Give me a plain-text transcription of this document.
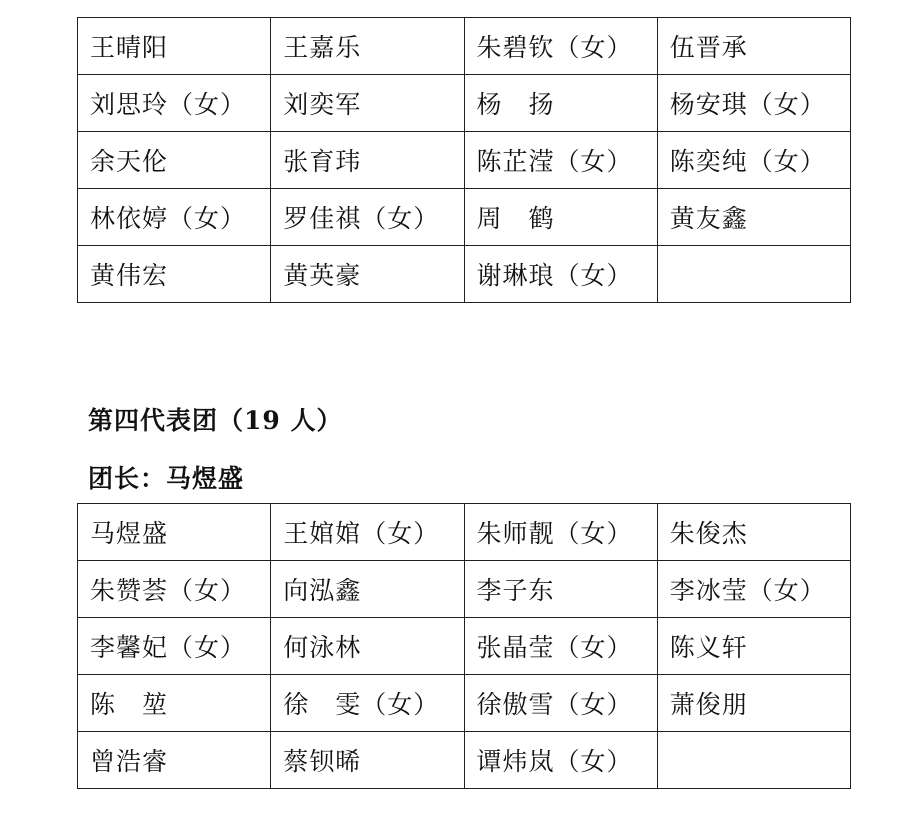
王晴阳	王嘉乐	朱碧钦（女）	伍晋承
刘思玲（女）	刘奕军	杨　扬	杨安琪（女）
余天伦	张育玮	陈芷滢（女）	陈奕纯（女）
林依婷（女）	罗佳祺（女）	周　鹤	黄友鑫
黄伟宏	黄英豪	谢琳琅（女）	
第四代表团（19 人）
团长：马煜盛
马煜盛	王婠婠（女）	朱师靓（女）	朱俊杰
朱赞荟（女）	向泓鑫	李子东	李冰莹（女）
李馨妃（女）	何泳林	张晶莹（女）	陈义轩
陈　堃	徐　雯（女）	徐傲雪（女）	萧俊朋
曾浩睿	蔡钡晞	谭炜岚（女）	
